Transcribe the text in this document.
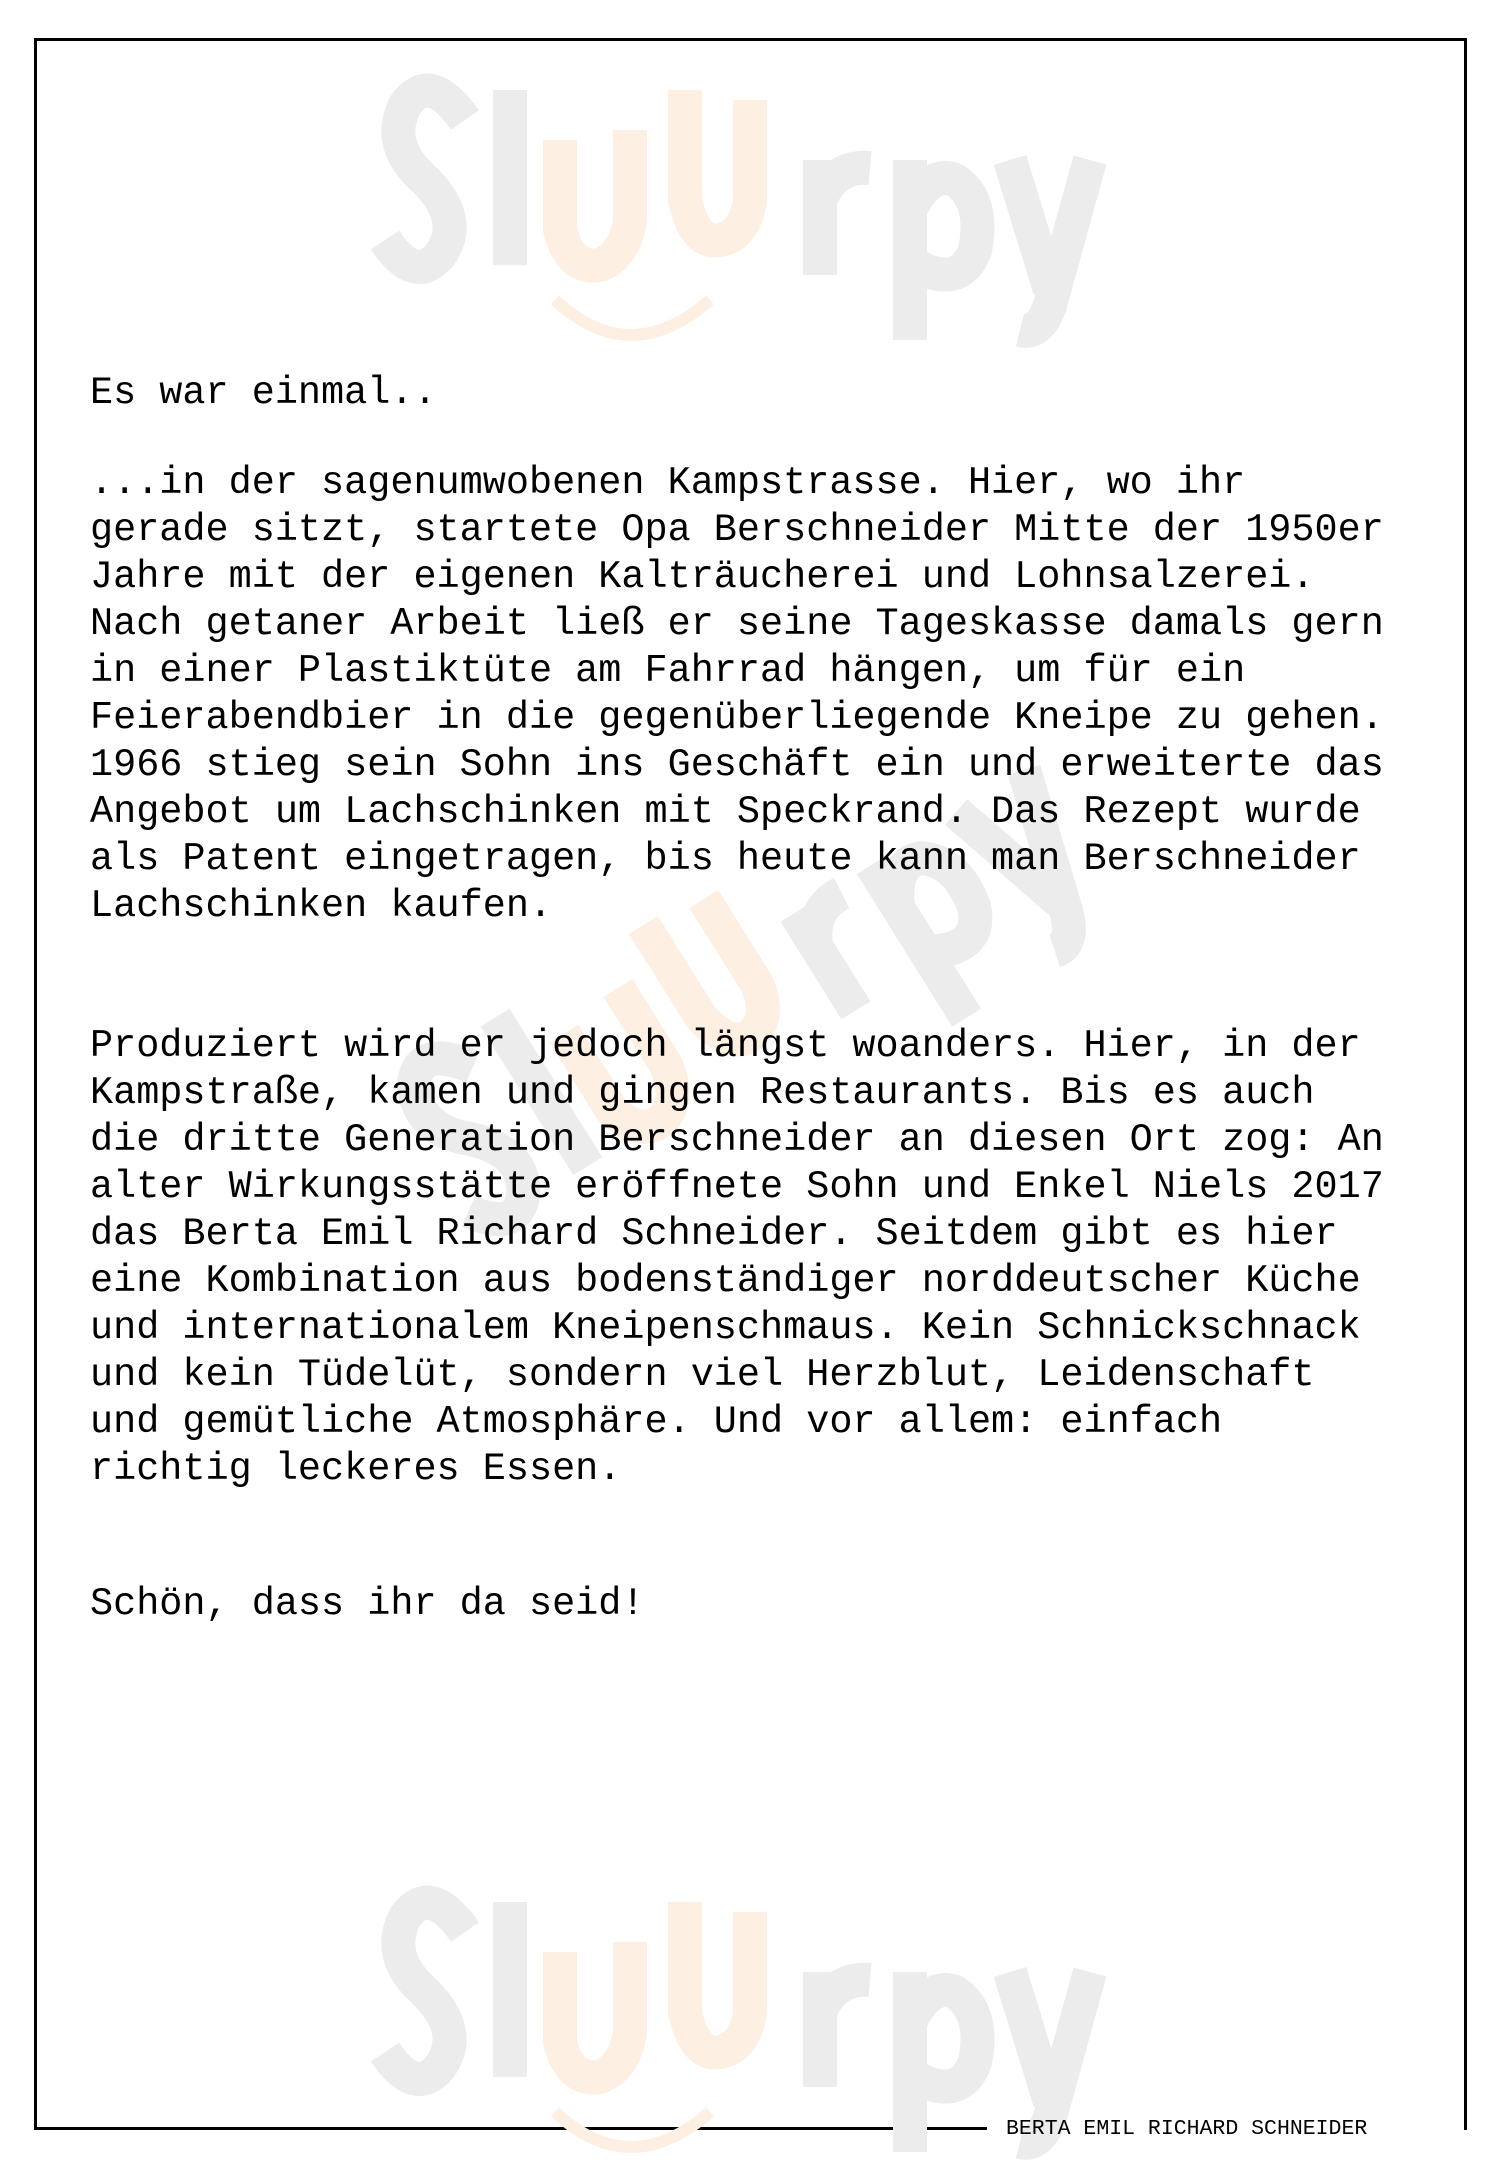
Es war einmal..
...in der sagenumwobenen Kampstrasse. Hier, wo ihr
gerade sitzt, startete Opa Berschneider Mitte der 1950er
Jahre mit der eigenen Kalträucherei und Lohnsalzerei.
Nach getaner Arbeit ließ er seine Tageskasse damals gern
in einer Plastiktüte am Fahrrad hängen, um für ein
Feierabendbier in die gegenüberliegende Kneipe zu gehen.
1966 stieg sein Sohn ins Geschäft ein und erweiterte das
Angebot um Lachschinken mit Speckrand. Das Rezept wurde
als Patent eingetragen, bis heute kann man Berschneider
Lachschinken kaufen.
Produziert wird er jedoch längst woanders. Hier, in der
Kampstraße, kamen und gingen Restaurants. Bis es auch
die dritte Generation Berschneider an diesen Ort zog: An
alter Wirkungsstätte eröffnete Sohn und Enkel Niels 2017
das Berta Emil Richard Schneider. Seitdem gibt es hier
eine Kombination aus bodenständiger norddeutscher Küche
und internationalem Kneipenschmaus. Kein Schnickschnack
und kein Tüdelüt, sondern viel Herzblut, Leidenschaft
und gemütliche Atmosphäre. Und vor allem: einfach
richtig leckeres Essen.
Schön, dass ihr da seid!
BERTA EMIL RICHARD SCHNEIDER
